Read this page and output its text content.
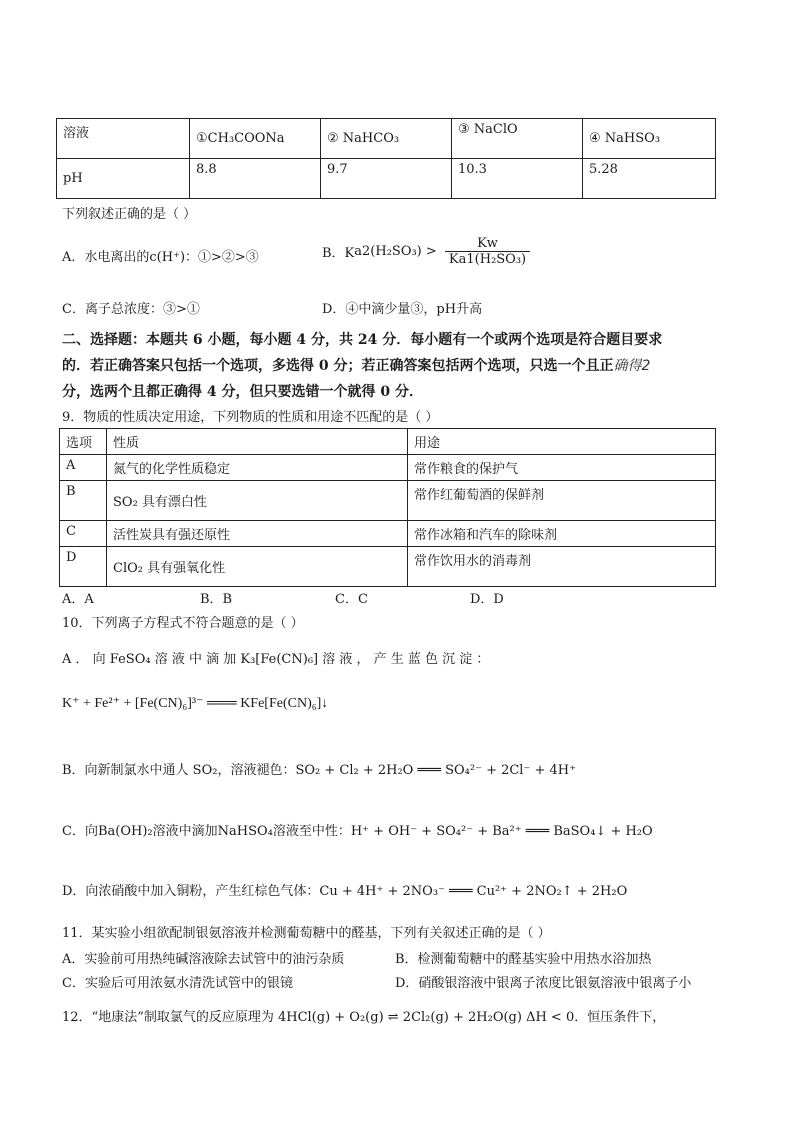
溶液	①CH₃COONa	② NaHCO₃	③ NaClO	④ NaHSO₃
pH	8.8	9.7	10.3	5.28
下列叙述正确的是（ ）
A．水电离出的c(H⁺)：①>②>③	B．$Ka2(H_2SO_3) > \frac{Kw}{\text{Ka1(H₂SO₃)}}$
C．离子总浓度：③>①	D．④中滴少量③，pH升高
二、选择题：本题共 6 小题，每小题 4 分，共 24 分．每小题有一个或两个选项是符合题目要求
的．若正确答案只包括一个选项，多选得 0 分；若正确答案包括两个选项，只选一个且正确得2
分，选两个且都正确得 4 分，但只要选错一个就得 0 分．
9．物质的性质决定用途，下列物质的性质和用途不匹配的是（ ）
选项	性质	用途
A	氮气的化学性质稳定	常作粮食的保护气
B	SO₂ 具有漂白性	常作红葡萄酒的保鲜剂
C	活性炭具有强还原性	常作冰箱和汽车的除味剂
D	ClO₂ 具有强氧化性	常作饮用水的消毒剂
A．A	B．B	C．C	D．D
10．下列离子方程式不符合题意的是（ ）
A ． 向 FeSO₄ 溶 液 中 滴 加 K₃[Fe(CN)₆] 溶 液 ， 产 生 蓝 色 沉 淀 ：
K⁺ + Fe²⁺ + [Fe(CN)₆]³⁻ ═══ KFe[Fe(CN)₆]↓
B．向新制氯水中通人 SO₂，溶液褪色：SO₂ + Cl₂ + 2H₂O ═══ SO₄²⁻ + 2Cl⁻ + 4H⁺
C．向Ba(OH)₂溶液中滴加NaHSO₄溶液至中性：H⁺ + OH⁻ + SO₄²⁻ + Ba²⁺ ═══ BaSO₄↓ + H₂O
D．向浓硝酸中加入铜粉，产生红棕色气体：Cu + 4H⁺ + 2NO₃⁻ ═══ Cu²⁺ + 2NO₂↑ + 2H₂O
11．某实验小组欲配制银氨溶液并检测葡萄糖中的醛基，下列有关叙述正确的是（ ）
A．实验前可用热纯碱溶液除去试管中的油污杂质	B．检测葡萄糖中的醛基实验中用热水浴加热
C．实验后可用浓氨水清洗试管中的银镜	D．硝酸银溶液中银离子浓度比银氨溶液中银离子小
12．“地康法”制取氯气的反应原理为 4HCl(g) + O₂(g) ⇌ 2Cl₂(g) + 2H₂O(g) ΔH < 0．恒压条件下，
